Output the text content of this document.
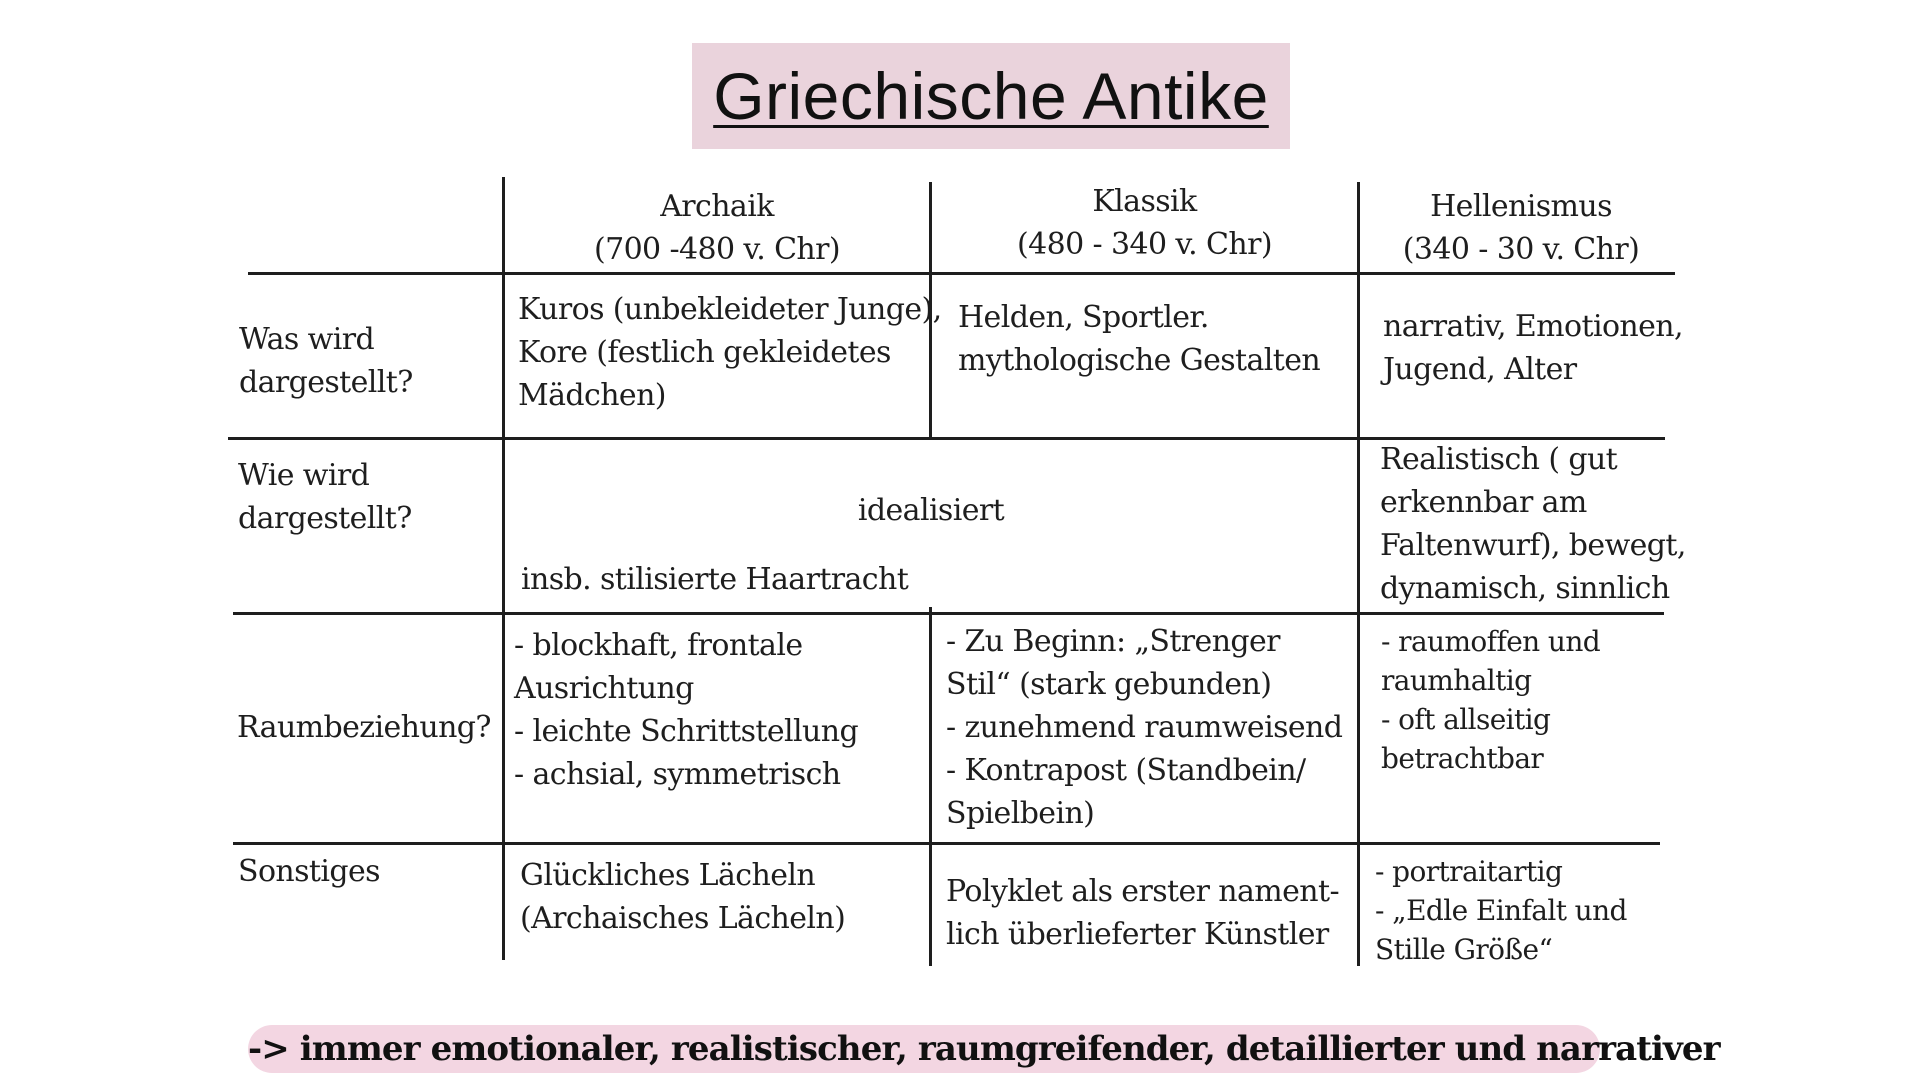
Griechische Antike
Archaik
(700 -480 v. Chr)
Klassik
(480 - 340 v. Chr)
Hellenismus
(340 - 30 v. Chr)
Was wird
dargestellt?
Kuros (unbekleideter Junge),
Kore (festlich gekleidetes
Mädchen)
Helden, Sportler.
mythologische Gestalten
narrativ, Emotionen,
Jugend, Alter
Wie wird
dargestellt?	idealisiert
insb. stilisierte Haartracht
Realistisch ( gut
erkennbar am
Faltenwurf), bewegt,
dynamisch, sinnlich
Raumbeziehung?
- blockhaft, frontale
Ausrichtung
- leichte Schrittstellung
- achsial, symmetrisch
- Zu Beginn: „Strenger
Stil“ (stark gebunden)
- zunehmend raumweisend
- Kontrapost (Standbein/
Spielbein)
- raumoffen und
raumhaltig
- oft allseitig
betrachtbar
Sonstiges	Glückliches Lächeln
(Archaisches Lächeln)
Polyklet als erster nament-
lich überlieferter Künstler
- portraitartig
- „Edle Einfalt und
Stille Größe“
-> immer emotionaler, realistischer, raumgreifender, detaillierter und narrativer
